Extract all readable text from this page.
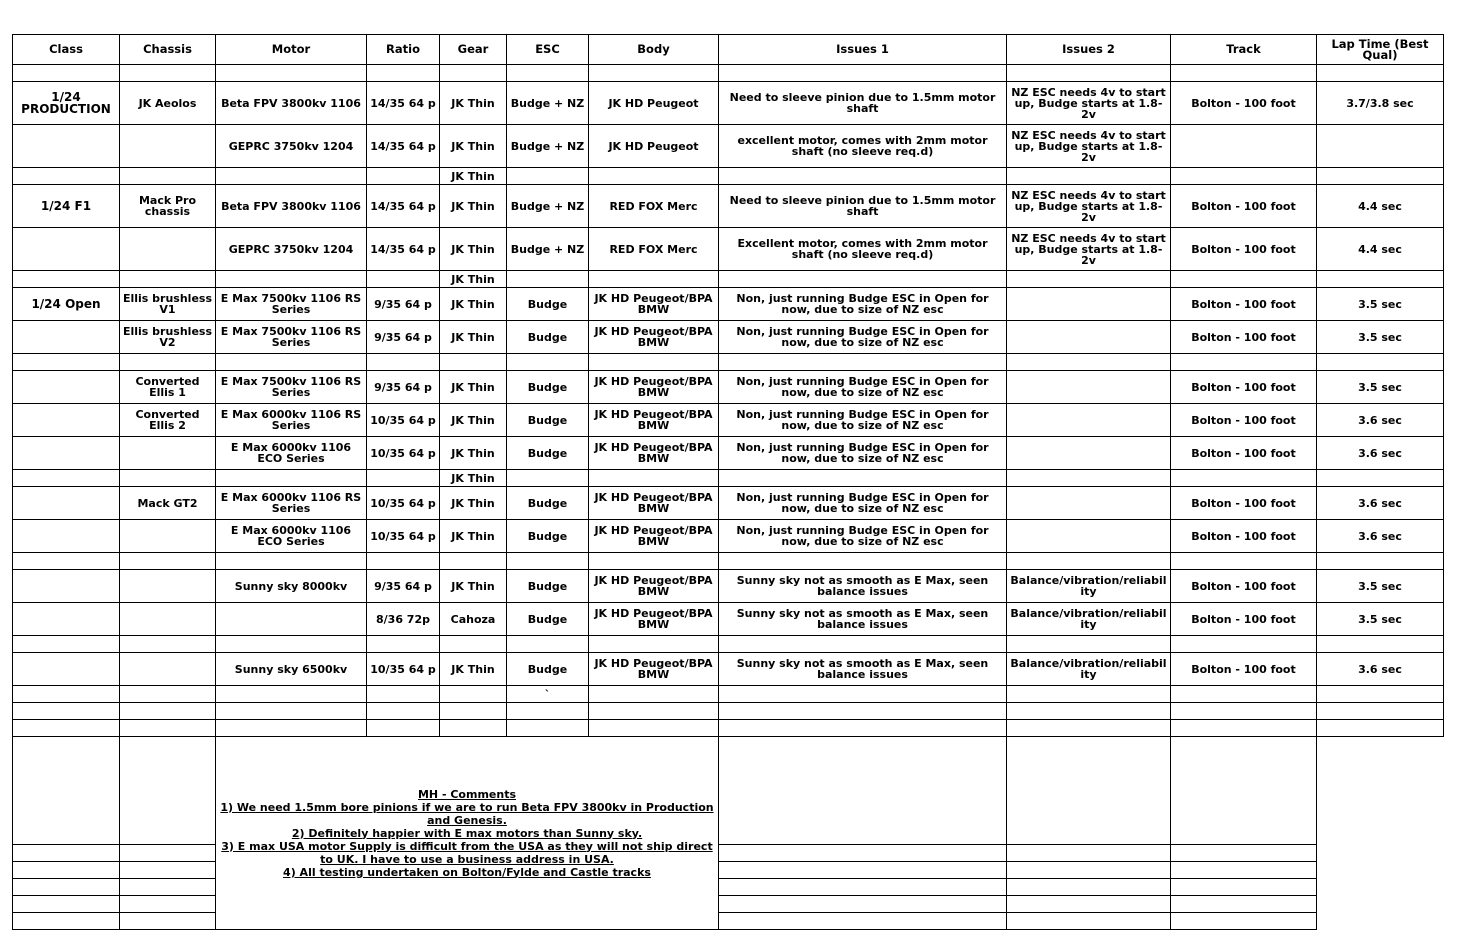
Class	Chassis	Motor	Ratio	Gear	ESC	Body	Issues 1	Issues 2	Track	Lap Time (Best Qual)

1/24 PRODUCTION	JK Aeolos	Beta FPV 3800kv 1106	14/35 64 p	JK Thin	Budge + NZ	JK HD Peugeot	Need to sleeve pinion due to 1.5mm motor shaft	NZ ESC needs 4v to start up, Budge starts at 1.8-2v	Bolton - 100 foot	3.7/3.8 sec
		GEPRC 3750kv 1204	14/35 64 p	JK Thin	Budge + NZ	JK HD Peugeot	excellent motor, comes with 2mm motor shaft (no sleeve req.d)	NZ ESC needs 4v to start up, Budge starts at 1.8-2v		
				JK Thin						
1/24 F1	Mack Pro chassis	Beta FPV 3800kv 1106	14/35 64 p	JK Thin	Budge + NZ	RED FOX Merc	Need to sleeve pinion due to 1.5mm motor shaft	NZ ESC needs 4v to start up, Budge starts at 1.8-2v	Bolton - 100 foot	4.4 sec
		GEPRC 3750kv 1204	14/35 64 p	JK Thin	Budge + NZ	RED FOX Merc	Excellent motor, comes with 2mm motor shaft (no sleeve req.d)	NZ ESC needs 4v to start up, Budge starts at 1.8-2v	Bolton - 100 foot	4.4 sec
				JK Thin						
1/24 Open	Ellis brushless V1	E Max 7500kv 1106 RS Series	9/35 64 p	JK Thin	Budge	JK HD Peugeot/BPA BMW	Non, just running Budge ESC in Open for now, due to size of NZ esc		Bolton - 100 foot	3.5 sec
	Ellis brushless V2	E Max 7500kv 1106 RS Series	9/35 64 p	JK Thin	Budge	JK HD Peugeot/BPA BMW	Non, just running Budge ESC in Open for now, due to size of NZ esc		Bolton - 100 foot	3.5 sec

	Converted Ellis 1	E Max 7500kv 1106 RS Series	9/35 64 p	JK Thin	Budge	JK HD Peugeot/BPA BMW	Non, just running Budge ESC in Open for now, due to size of NZ esc		Bolton - 100 foot	3.5 sec
	Converted Ellis 2	E Max 6000kv 1106 RS Series	10/35 64 p	JK Thin	Budge	JK HD Peugeot/BPA BMW	Non, just running Budge ESC in Open for now, due to size of NZ esc		Bolton - 100 foot	3.6 sec
		E Max 6000kv 1106 ECO Series	10/35 64 p	JK Thin	Budge	JK HD Peugeot/BPA BMW	Non, just running Budge ESC in Open for now, due to size of NZ esc		Bolton - 100 foot	3.6 sec
				JK Thin						
	Mack GT2	E Max 6000kv 1106 RS Series	10/35 64 p	JK Thin	Budge	JK HD Peugeot/BPA BMW	Non, just running Budge ESC in Open for now, due to size of NZ esc		Bolton - 100 foot	3.6 sec
		E Max 6000kv 1106 ECO Series	10/35 64 p	JK Thin	Budge	JK HD Peugeot/BPA BMW	Non, just running Budge ESC in Open for now, due to size of NZ esc		Bolton - 100 foot	3.6 sec

		Sunny sky 8000kv	9/35 64 p	JK Thin	Budge	JK HD Peugeot/BPA BMW	Sunny sky not as smooth as E Max, seen balance issues	Balance/vibration/reliabil ity	Bolton - 100 foot	3.5 sec
			8/36 72p	Cahoza	Budge	JK HD Peugeot/BPA BMW	Sunny sky not as smooth as E Max, seen balance issues	Balance/vibration/reliabil ity	Bolton - 100 foot	3.5 sec

		Sunny sky 6500kv	10/35 64 p	JK Thin	Budge	JK HD Peugeot/BPA BMW	Sunny sky not as smooth as E Max, seen balance issues	Balance/vibration/reliabil ity	Bolton - 100 foot	3.6 sec
					`					

		MH - Comments
1) We need 1.5mm bore pinions if we are to run Beta FPV 3800kv in Production and Genesis.
2) Definitely happier with E max motors than Sunny sky.
3) E max USA motor Supply is difficult from the USA as they will not ship direct to UK. I have to use a business address in USA.
4) All testing undertaken on Bolton/Fylde and Castle tracks								
